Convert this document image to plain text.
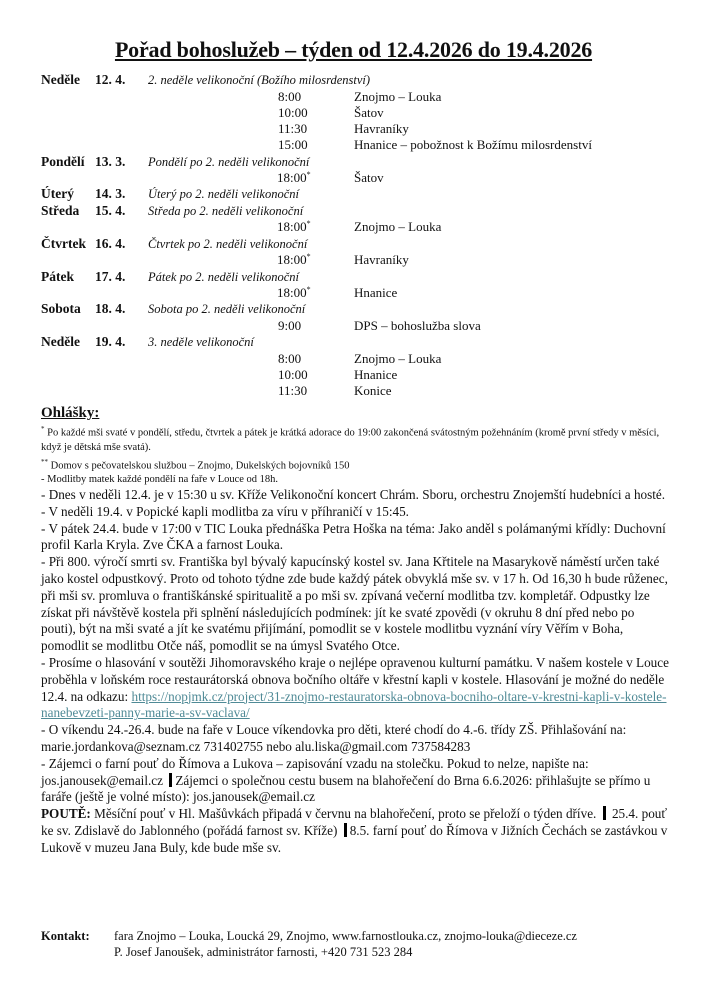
Pořad bohoslužeb – týden od 12.4.2026 do 19.4.2026
Neděle 12. 4. 2. neděle velikonoční (Božího milosrdenství)
8:00	Znojmo – Louka
10:00	Šatov
11:30	Havraníky
15:00	Hnanice – pobožnost k Božímu milosrdenství
Pondělí 13. 3. Pondělí po 2. neděli velikonoční
18:00*	Šatov
Úterý 14. 3. Úterý po 2. neděli velikonoční
Středa 15. 4. Středa po 2. neděli velikonoční
18:00*	Znojmo – Louka
Čtvrtek 16. 4. Čtvrtek po 2. neděli velikonoční
18:00*	Havraníky
Pátek 17. 4. Pátek po 2. neděli velikonoční
18:00*	Hnanice
Sobota 18. 4. Sobota po 2. neděli velikonoční
9:00	DPS – bohoslužba slova
Neděle 19. 4. 3. neděle velikonoční
8:00	Znojmo – Louka
10:00	Hnanice
11:30	Konice
Ohlášky:
* Po každé mši svaté v pondělí, středu, čtvrtek a pátek je krátká adorace do 19:00 zakončená svátostným požehnáním (kromě první středy v měsíci, když je dětská mše svatá).
** Domov s pečovatelskou službou – Znojmo, Dukelských bojovníků 150
- Modlitby matek každé pondělí na faře v Louce od 18h.
- Dnes v neděli 12.4. je v 15:30 u sv. Kříže Velikonoční koncert Chrám. Sboru, orchestru Znojemští hudebníci a hosté.
- V neděli 19.4. v Popické kapli modlitba za víru v příhraničí v 15:45.
- V pátek 24.4. bude v 17:00 v TIC Louka přednáška Petra Hoška na téma: Jako anděl s polámanými křídly: Duchovní profil Karla Kryla. Zve ČKA a farnost Louka.
- Při 800. výročí smrti sv. Františka byl bývalý kapucínský kostel sv. Jana Křtitele na Masarykově náměstí určen také jako kostel odpustkový. Proto od tohoto týdne zde bude každý pátek obvyklá mše sv. v 17 h. Od 16,30 h bude růženec, při mši sv. promluva o františkánské spiritualitě a po mši sv. zpívaná večerní modlitba tzv. kompletář. Odpustky lze získat při návštěvě kostela při splnění následujících podmínek: jít ke svaté zpovědi (v okruhu 8 dní před nebo po pouti), být na mši svaté a jít ke svatému přijímání, pomodlit se v kostele modlitbu vyznání víry Věřím v Boha, pomodlit se modlitbu Otče náš, pomodlit se na úmysl Svatého Otce.
- Prosíme o hlasování v soutěži Jihomoravského kraje o nejlépe opravenou kulturní památku. V našem kostele v Louce proběhla v loňském roce restaurátorská obnova bočního oltáře v křestní kapli v kostele. Hlasování je možné do neděle 12.4. na odkazu: https://nopjmk.cz/project/31-znojmo-restauratorska-obnova-bocniho-oltare-v-krestni-kapli-v-kostele-nanebevzeti-panny-marie-a-sv-vaclava/
- O víkendu 24.-26.4. bude na faře v Louce víkendovka pro děti, které chodí do 4.-6. třídy ZŠ. Přihlašování na: marie.jordankova@seznam.cz 731402755 nebo alu.liska@gmail.com 737584283
- Zájemci o farní pouť do Římova a Lukova – zapisování vzadu na stolečku. Pokud to nelze, napište na: jos.janousek@email.cz Zájemci o společnou cestu busem na blahořečení do Brna 6.6.2026: přihlašujte se přímo u faráře (ještě je volné místo): jos.janousek@email.cz
POUTĚ: Měsíční pouť v Hl. Mašůvkách připadá v červnu na blahořečení, proto se přeloží o týden dříve. 25.4. pouť ke sv. Zdislavě do Jablonného (pořádá farnost sv. Kříže) 8.5. farní pouť do Římova v Jižních Čechách se zastávkou v Lukově v muzeu Jana Buly, kde bude mše sv.
Kontakt: fara Znojmo – Louka, Loucká 29, Znojmo, www.farnostlouka.cz, znojmo-louka@dieceze.cz
P. Josef Janoušek, administrátor farnosti, +420 731 523 284
